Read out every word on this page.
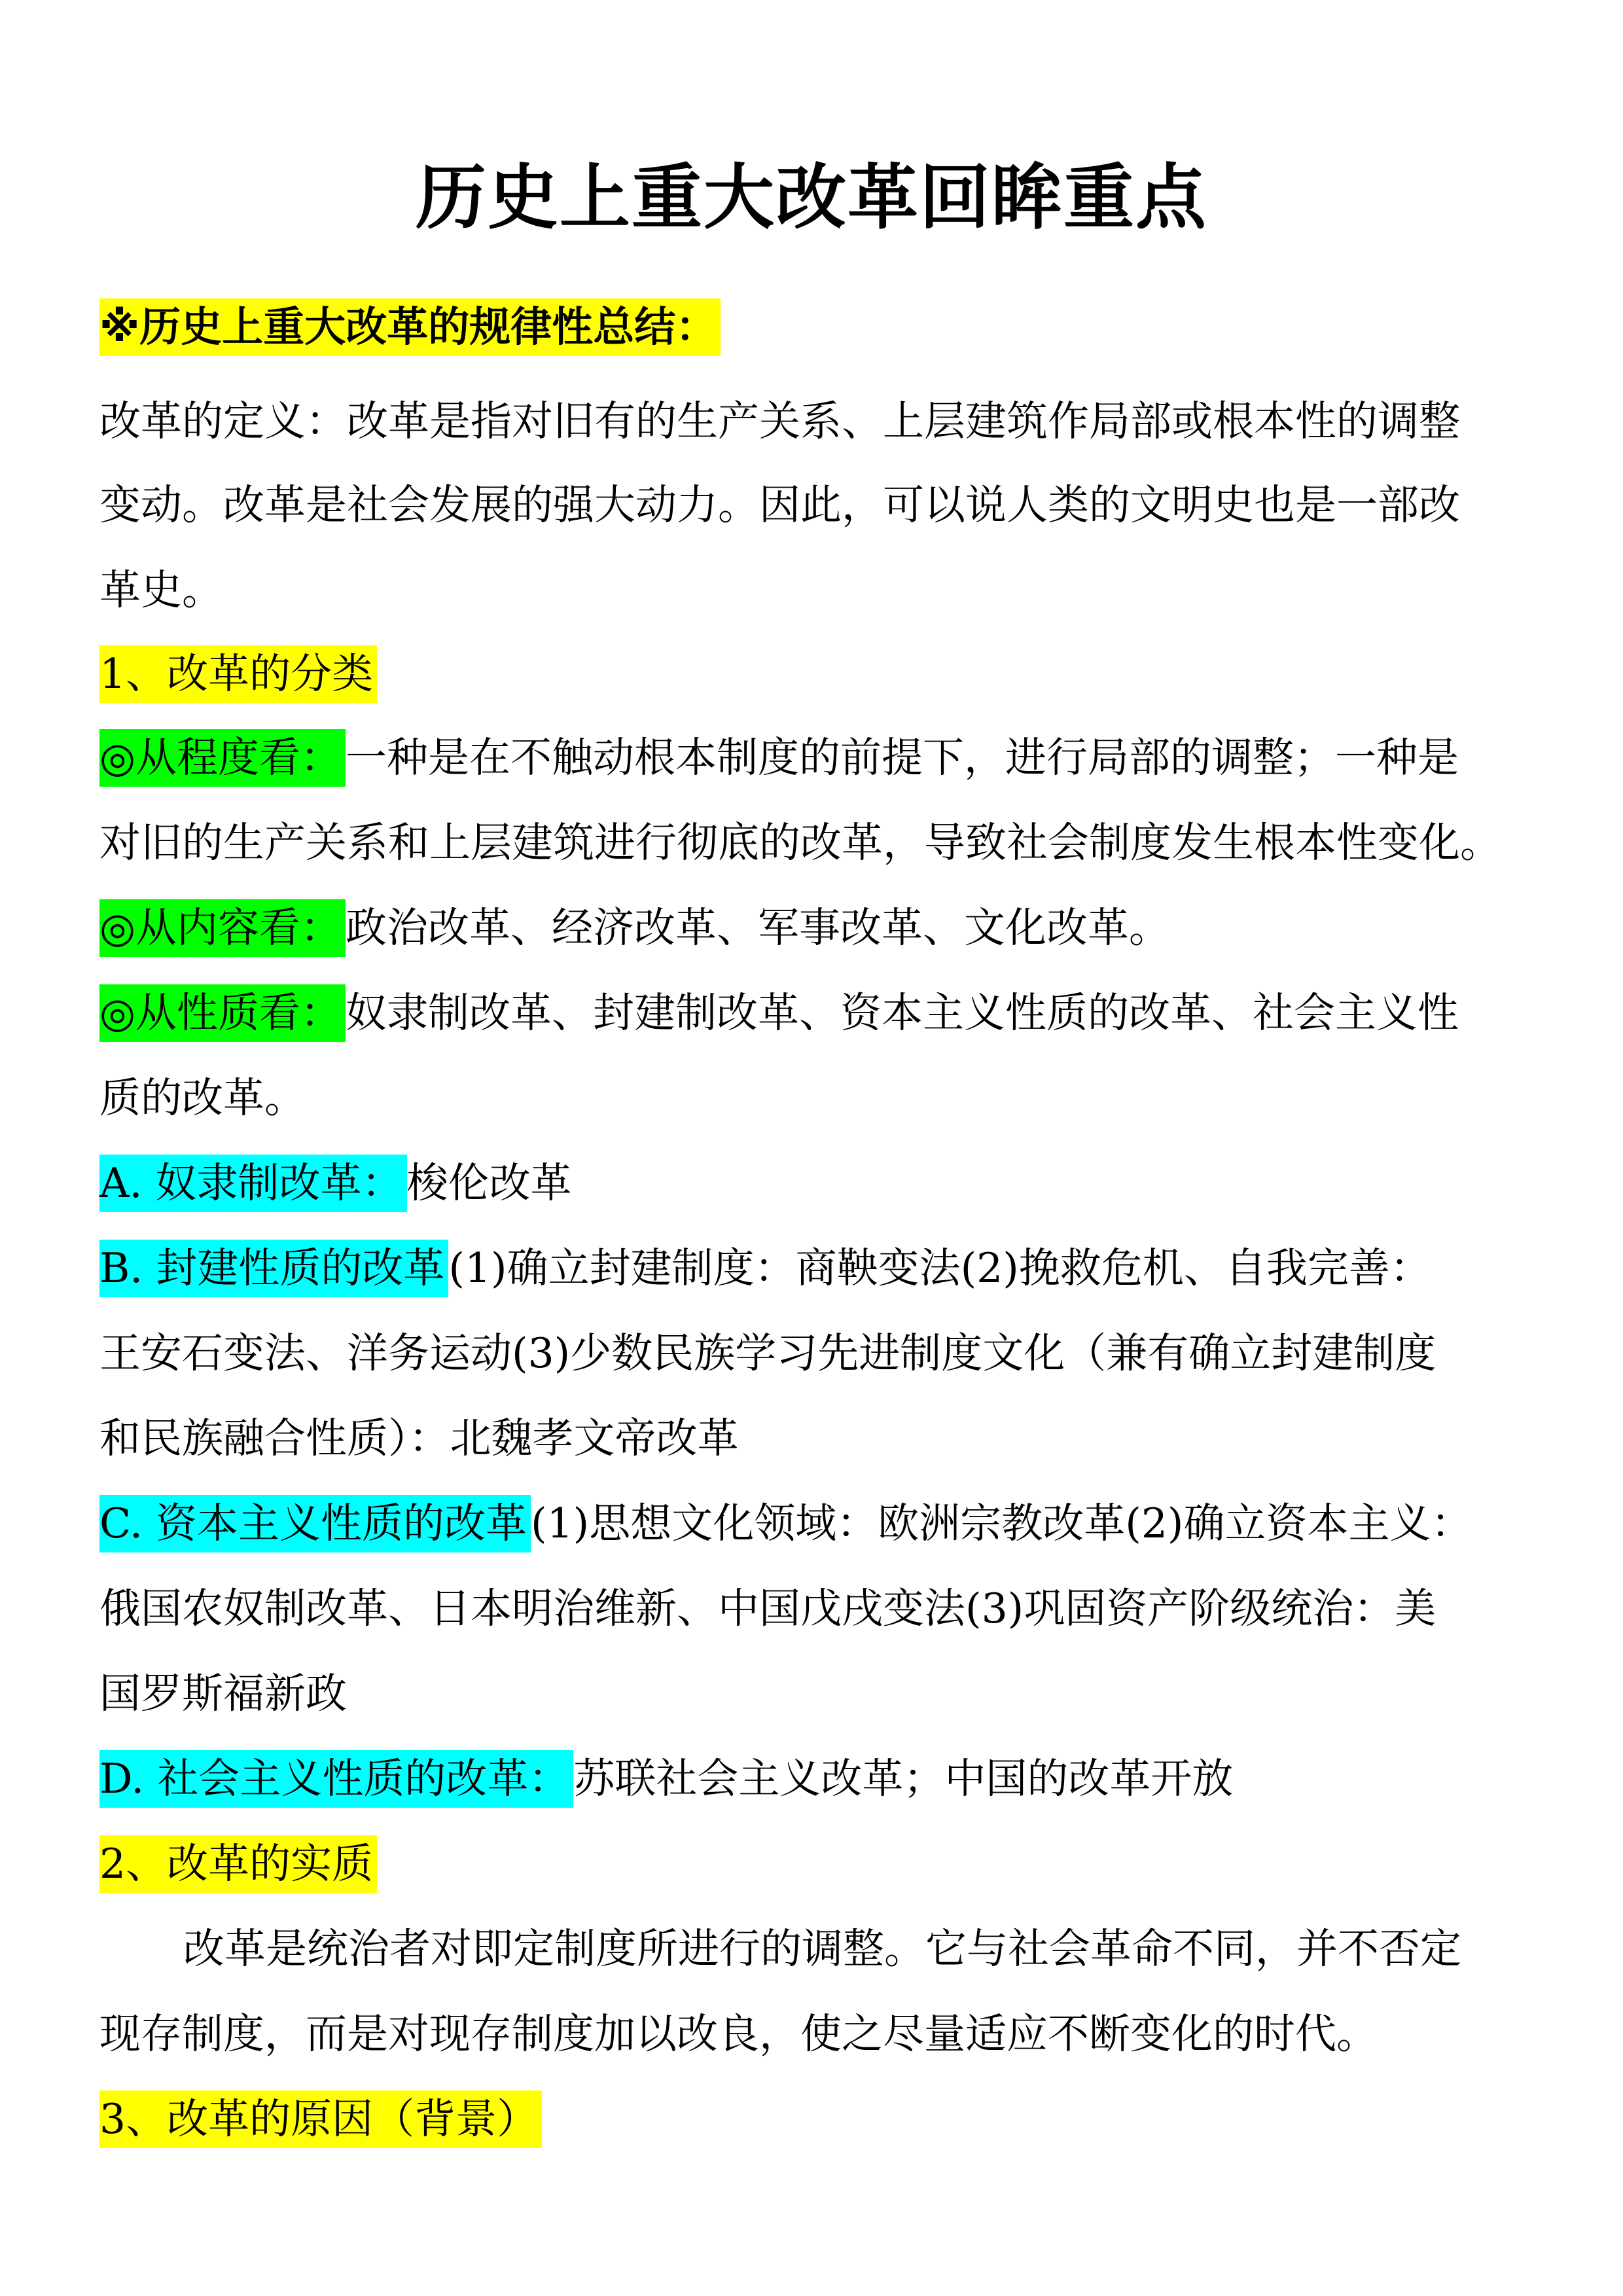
历史上重大改革回眸重点
※历史上重大改革的规律性总结：
改革的定义：改革是指对旧有的生产关系、上层建筑作局部或根本性的调整
变动。改革是社会发展的强大动力。因此，可以说人类的文明史也是一部改
革史。
1、改革的分类
◎从程度看：一种是在不触动根本制度的前提下，进行局部的调整；一种是
对旧的生产关系和上层建筑进行彻底的改革，导致社会制度发生根本性变化。
◎从内容看：政治改革、经济改革、军事改革、文化改革。
◎从性质看：奴隶制改革、封建制改革、资本主义性质的改革、社会主义性
质的改革。
A. 奴隶制改革：梭伦改革
B. 封建性质的改革(1)确立封建制度：商鞅变法(2)挽救危机、自我完善：
王安石变法、洋务运动(3)少数民族学习先进制度文化（兼有确立封建制度
和民族融合性质）：北魏孝文帝改革
C. 资本主义性质的改革(1)思想文化领域：欧洲宗教改革(2)确立资本主义：
俄国农奴制改革、日本明治维新、中国戊戌变法(3)巩固资产阶级统治：美
国罗斯福新政
D. 社会主义性质的改革：苏联社会主义改革；中国的改革开放
2、改革的实质
改革是统治者对即定制度所进行的调整。它与社会革命不同，并不否定
现存制度，而是对现存制度加以改良，使之尽量适应不断变化的时代。
3、改革的原因（背景）
